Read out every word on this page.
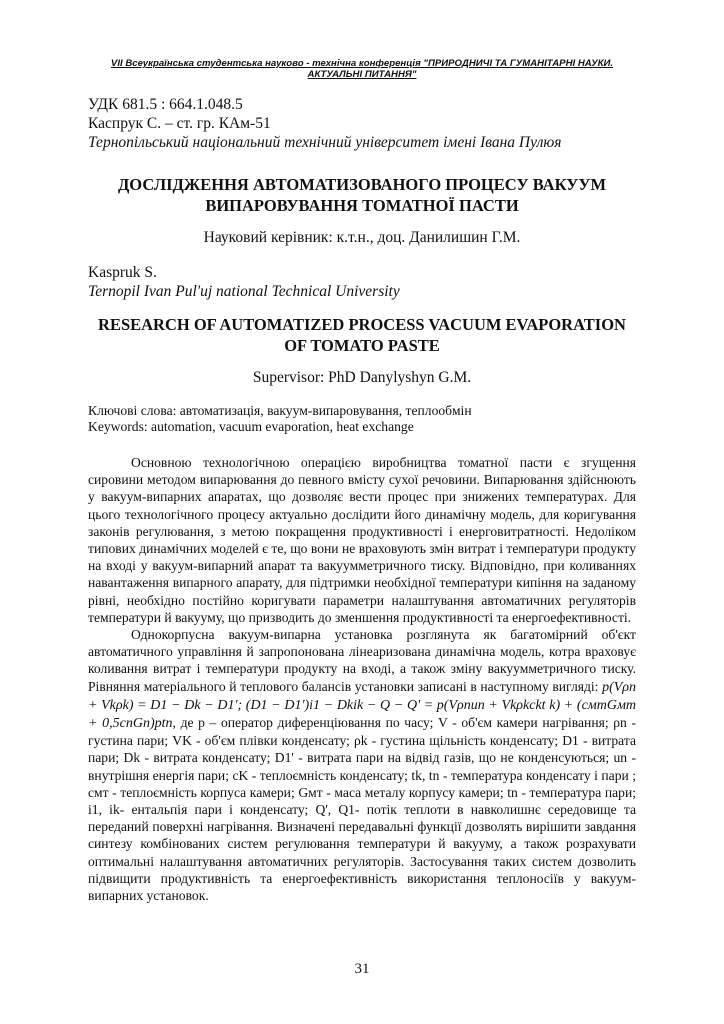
VII Всеукраїнська студентська науково - технічна конференція "ПРИРОДНИЧІ ТА ГУМАНІТАРНІ НАУКИ. АКТУАЛЬНІ ПИТАННЯ"
УДК 681.5 : 664.1.048.5
Каспрук С. – ст. гр. КАм-51
Тернопільський національний технічний університет імені Івана Пулюя
ДОСЛІДЖЕННЯ АВТОМАТИЗОВАНОГО ПРОЦЕСУ ВАКУУМ ВИПАРОВУВАННЯ ТОМАТНОЇ ПАСТИ
Науковий керівник: к.т.н., доц. Данилишин Г.М.
Kaspruk S.
Ternopil Ivan Pul'uj national Technical University
RESEARCH OF AUTOMATIZED PROCESS VACUUM EVAPORATION OF TOMATO PASTE
Supervisor: PhD Danylyshyn G.M.
Ключові слова: автоматизація, вакуум-випаровування, теплообмін
Keywords: automation, vacuum evaporation, heat exchange

Основною технологічною операцією виробництва томатної пасти є згущення сировини методом випарювання до певного вмісту сухої речовини. Випарювання здійснюють у вакуум-випарних апаратах, що дозволяє вести процес при знижених температурах. Для цього технологічного процесу актуально дослідити його динамічну модель, для коригування законів регулювання, з метою покращення продуктивності і енерговитратності. Недоліком типових динамічних моделей є те, що вони не враховують змін витрат і температури продукту на вході у вакуум-випарний апарат та вакуумметричного тиску. Відповідно, при коливаннях навантаження випарного апарату, для підтримки необхідної температури кипіння на заданому рівні, необхідно постійно коригувати параметри налаштування автоматичних регуляторів температури й вакууму, що призводить до зменшення продуктивності та енергоефективності.

Однокорпусна вакуум-випарна установка розглянута як багатомірний об'єкт автоматичного управління й запропонована лінеаризована динамічна модель, котра враховує коливання витрат і температури продукту на вході, а також зміну вакуумметричного тиску. Рівняння матеріального й теплового балансів установки записані в наступному вигляді: p(Vρn + Vkρk) = D1 − Dk − D1'; (D1 − D1')i1 − Dkik − Q − Q' = p(Vρnun + Vkρkckt k) + (cмтGмт + 0,5cnGn)ptn, де p – оператор диференціювання по часу; V - об'єм камери нагрівання; ρn - густина пари; VK - об'єм плівки конденсату; ρk - густина щільність конденсату; D1 - витрата пари; Dk - витрата конденсату; D1' - витрата пари на відвід газів, що не конденсуються; un - внутрішня енергія пари; cK - теплоємність конденсату; tk, tn - температура конденсату і пари ; cмт - теплоємність корпуса камери; Gмт - маса металу корпусу камери; tn - температура пари; i1, ik- ентальпія пари і конденсату; Q', Q1- потік теплоти в навколишнє середовище та переданий поверхні нагрівання. Визначені передавальні функції дозволять вирішити завдання синтезу комбінованих систем регулювання температури й вакууму, а також розрахувати оптимальні налаштування автоматичних регуляторів. Застосування таких систем дозволить підвищити продуктивність та енергоефективність використання теплоносіїв у вакуум-випарних установок.

31
